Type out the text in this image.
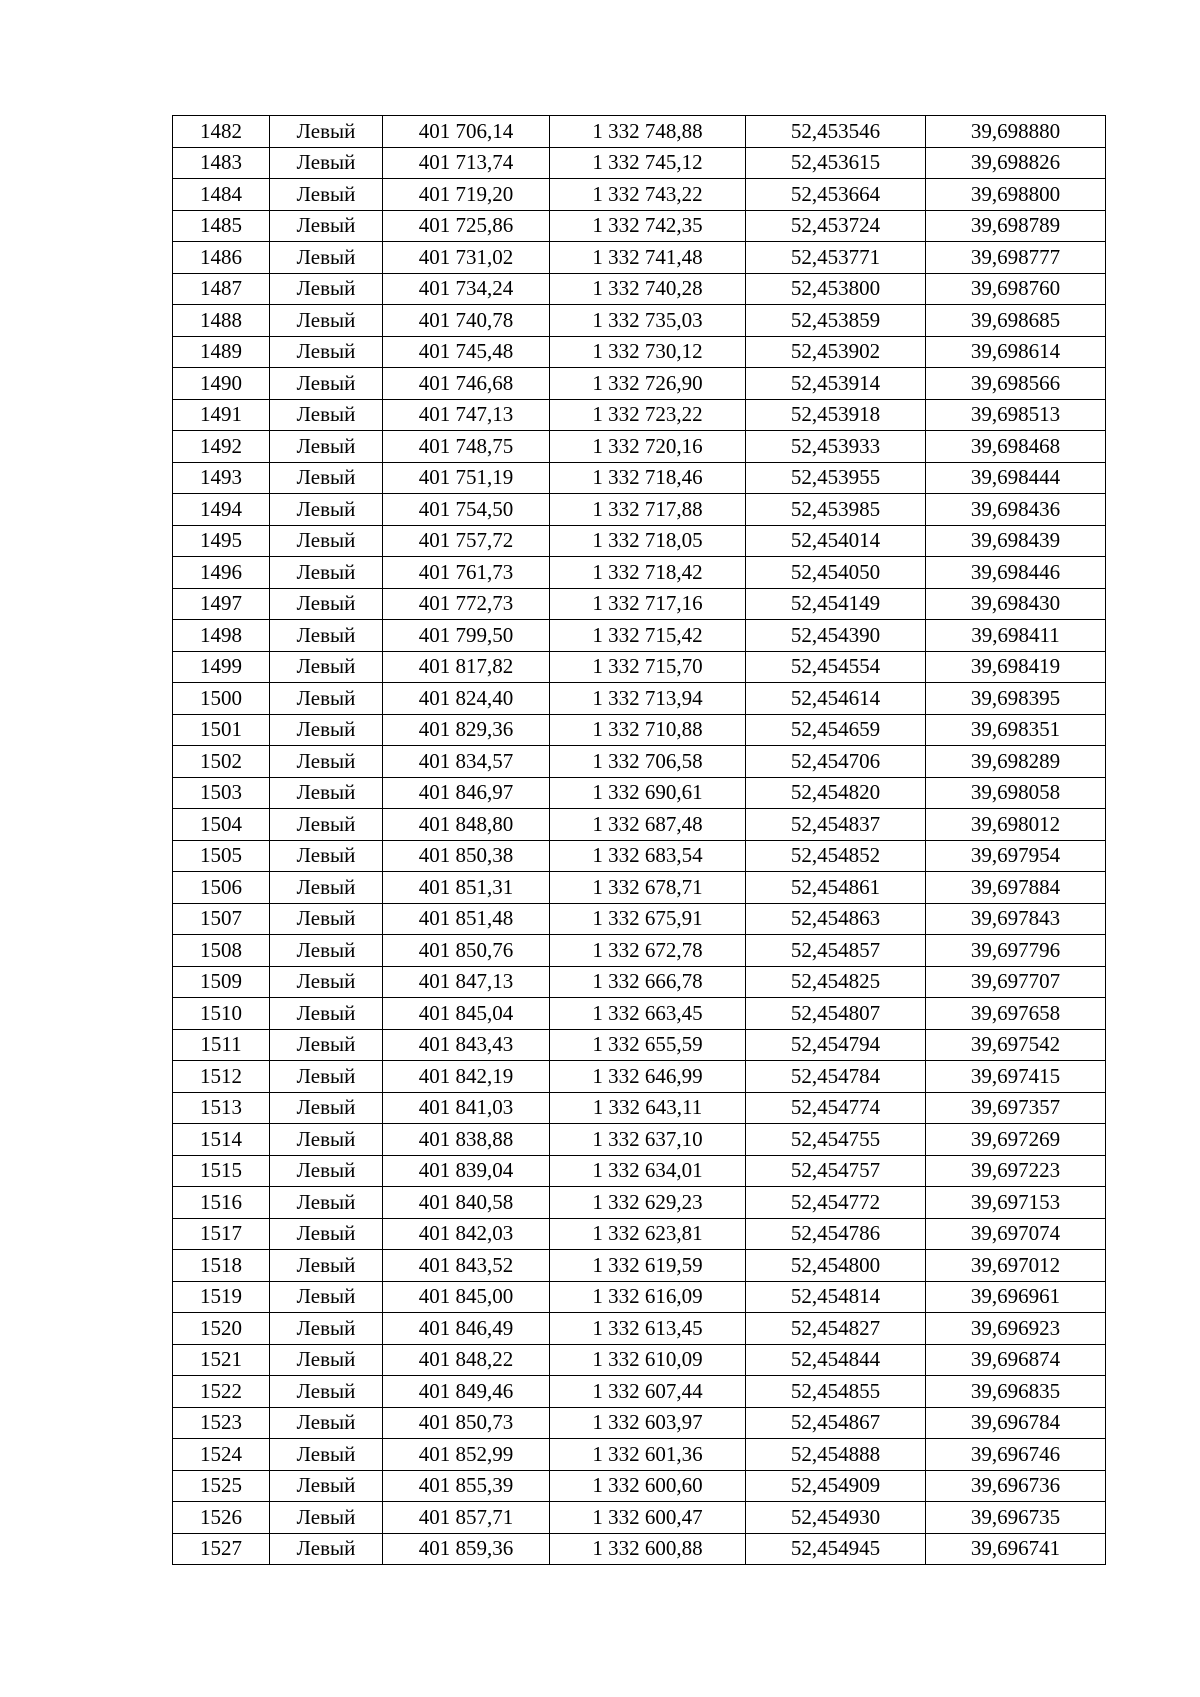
1482	Левый	401 706,14	1 332 748,88	52,453546	39,698880
1483	Левый	401 713,74	1 332 745,12	52,453615	39,698826
1484	Левый	401 719,20	1 332 743,22	52,453664	39,698800
1485	Левый	401 725,86	1 332 742,35	52,453724	39,698789
1486	Левый	401 731,02	1 332 741,48	52,453771	39,698777
1487	Левый	401 734,24	1 332 740,28	52,453800	39,698760
1488	Левый	401 740,78	1 332 735,03	52,453859	39,698685
1489	Левый	401 745,48	1 332 730,12	52,453902	39,698614
1490	Левый	401 746,68	1 332 726,90	52,453914	39,698566
1491	Левый	401 747,13	1 332 723,22	52,453918	39,698513
1492	Левый	401 748,75	1 332 720,16	52,453933	39,698468
1493	Левый	401 751,19	1 332 718,46	52,453955	39,698444
1494	Левый	401 754,50	1 332 717,88	52,453985	39,698436
1495	Левый	401 757,72	1 332 718,05	52,454014	39,698439
1496	Левый	401 761,73	1 332 718,42	52,454050	39,698446
1497	Левый	401 772,73	1 332 717,16	52,454149	39,698430
1498	Левый	401 799,50	1 332 715,42	52,454390	39,698411
1499	Левый	401 817,82	1 332 715,70	52,454554	39,698419
1500	Левый	401 824,40	1 332 713,94	52,454614	39,698395
1501	Левый	401 829,36	1 332 710,88	52,454659	39,698351
1502	Левый	401 834,57	1 332 706,58	52,454706	39,698289
1503	Левый	401 846,97	1 332 690,61	52,454820	39,698058
1504	Левый	401 848,80	1 332 687,48	52,454837	39,698012
1505	Левый	401 850,38	1 332 683,54	52,454852	39,697954
1506	Левый	401 851,31	1 332 678,71	52,454861	39,697884
1507	Левый	401 851,48	1 332 675,91	52,454863	39,697843
1508	Левый	401 850,76	1 332 672,78	52,454857	39,697796
1509	Левый	401 847,13	1 332 666,78	52,454825	39,697707
1510	Левый	401 845,04	1 332 663,45	52,454807	39,697658
1511	Левый	401 843,43	1 332 655,59	52,454794	39,697542
1512	Левый	401 842,19	1 332 646,99	52,454784	39,697415
1513	Левый	401 841,03	1 332 643,11	52,454774	39,697357
1514	Левый	401 838,88	1 332 637,10	52,454755	39,697269
1515	Левый	401 839,04	1 332 634,01	52,454757	39,697223
1516	Левый	401 840,58	1 332 629,23	52,454772	39,697153
1517	Левый	401 842,03	1 332 623,81	52,454786	39,697074
1518	Левый	401 843,52	1 332 619,59	52,454800	39,697012
1519	Левый	401 845,00	1 332 616,09	52,454814	39,696961
1520	Левый	401 846,49	1 332 613,45	52,454827	39,696923
1521	Левый	401 848,22	1 332 610,09	52,454844	39,696874
1522	Левый	401 849,46	1 332 607,44	52,454855	39,696835
1523	Левый	401 850,73	1 332 603,97	52,454867	39,696784
1524	Левый	401 852,99	1 332 601,36	52,454888	39,696746
1525	Левый	401 855,39	1 332 600,60	52,454909	39,696736
1526	Левый	401 857,71	1 332 600,47	52,454930	39,696735
1527	Левый	401 859,36	1 332 600,88	52,454945	39,696741
